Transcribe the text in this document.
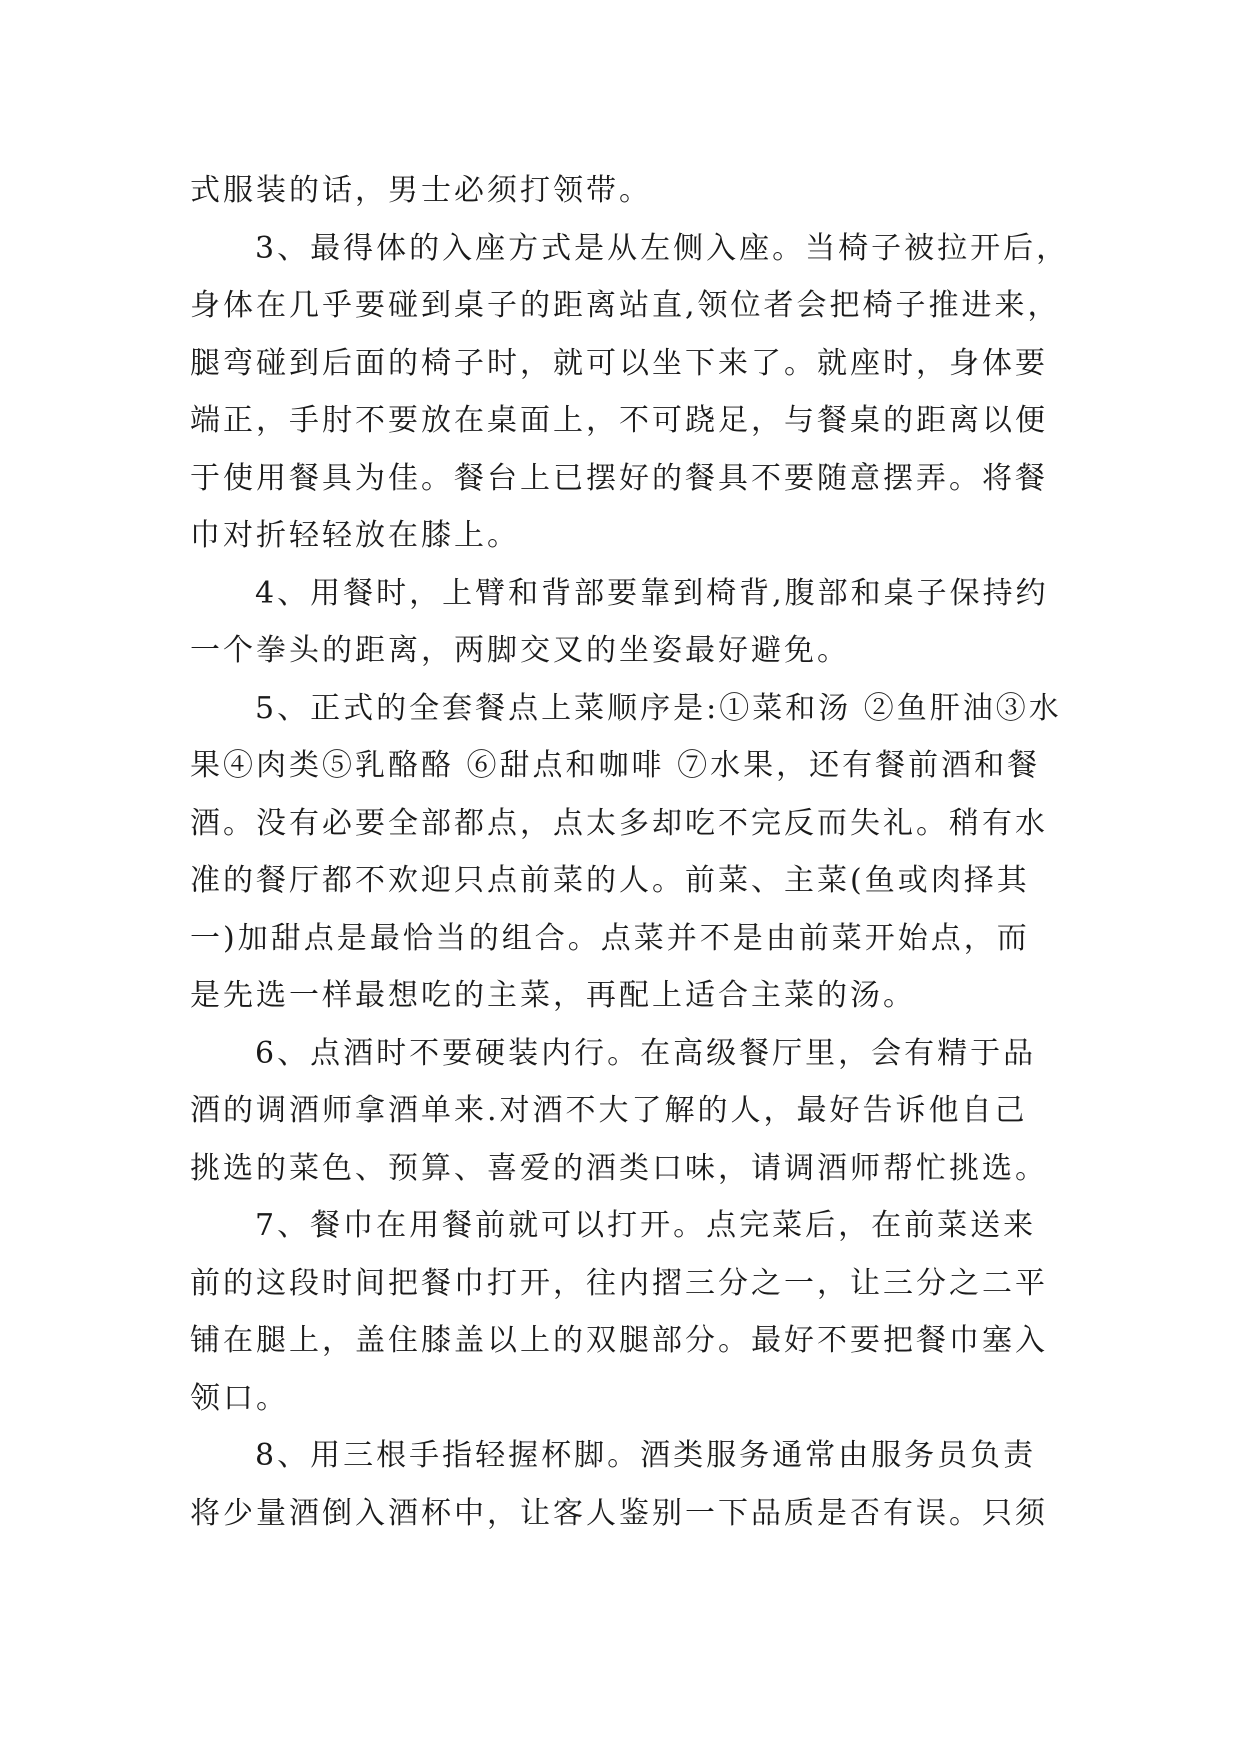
式服装的话，男士必须打领带。
3、最得体的入座方式是从左侧入座。当椅子被拉开后，
身体在几乎要碰到桌子的距离站直,领位者会把椅子推进来，
腿弯碰到后面的椅子时，就可以坐下来了。就座时，身体要
端正，手肘不要放在桌面上，不可跷足，与餐桌的距离以便
于使用餐具为佳。餐台上已摆好的餐具不要随意摆弄。将餐
巾对折轻轻放在膝上。
4、用餐时，上臂和背部要靠到椅背,腹部和桌子保持约
一个拳头的距离，两脚交叉的坐姿最好避免。
5、正式的全套餐点上菜顺序是:①菜和汤 ②鱼肝油③水
果④肉类⑤乳酪酪 ⑥甜点和咖啡 ⑦水果，还有餐前酒和餐
酒。没有必要全部都点，点太多却吃不完反而失礼。稍有水
准的餐厅都不欢迎只点前菜的人。前菜、主菜(鱼或肉择其
一)加甜点是最恰当的组合。点菜并不是由前菜开始点，而
是先选一样最想吃的主菜，再配上适合主菜的汤。
6、点酒时不要硬装内行。在高级餐厅里，会有精于品
酒的调酒师拿酒单来.对酒不大了解的人，最好告诉他自己
挑选的菜色、预算、喜爱的酒类口味，请调酒师帮忙挑选。
7、餐巾在用餐前就可以打开。点完菜后，在前菜送来
前的这段时间把餐巾打开，往内摺三分之一，让三分之二平
铺在腿上，盖住膝盖以上的双腿部分。最好不要把餐巾塞入
领口。
8、用三根手指轻握杯脚。酒类服务通常由服务员负责
将少量酒倒入酒杯中，让客人鉴别一下品质是否有误。只须
